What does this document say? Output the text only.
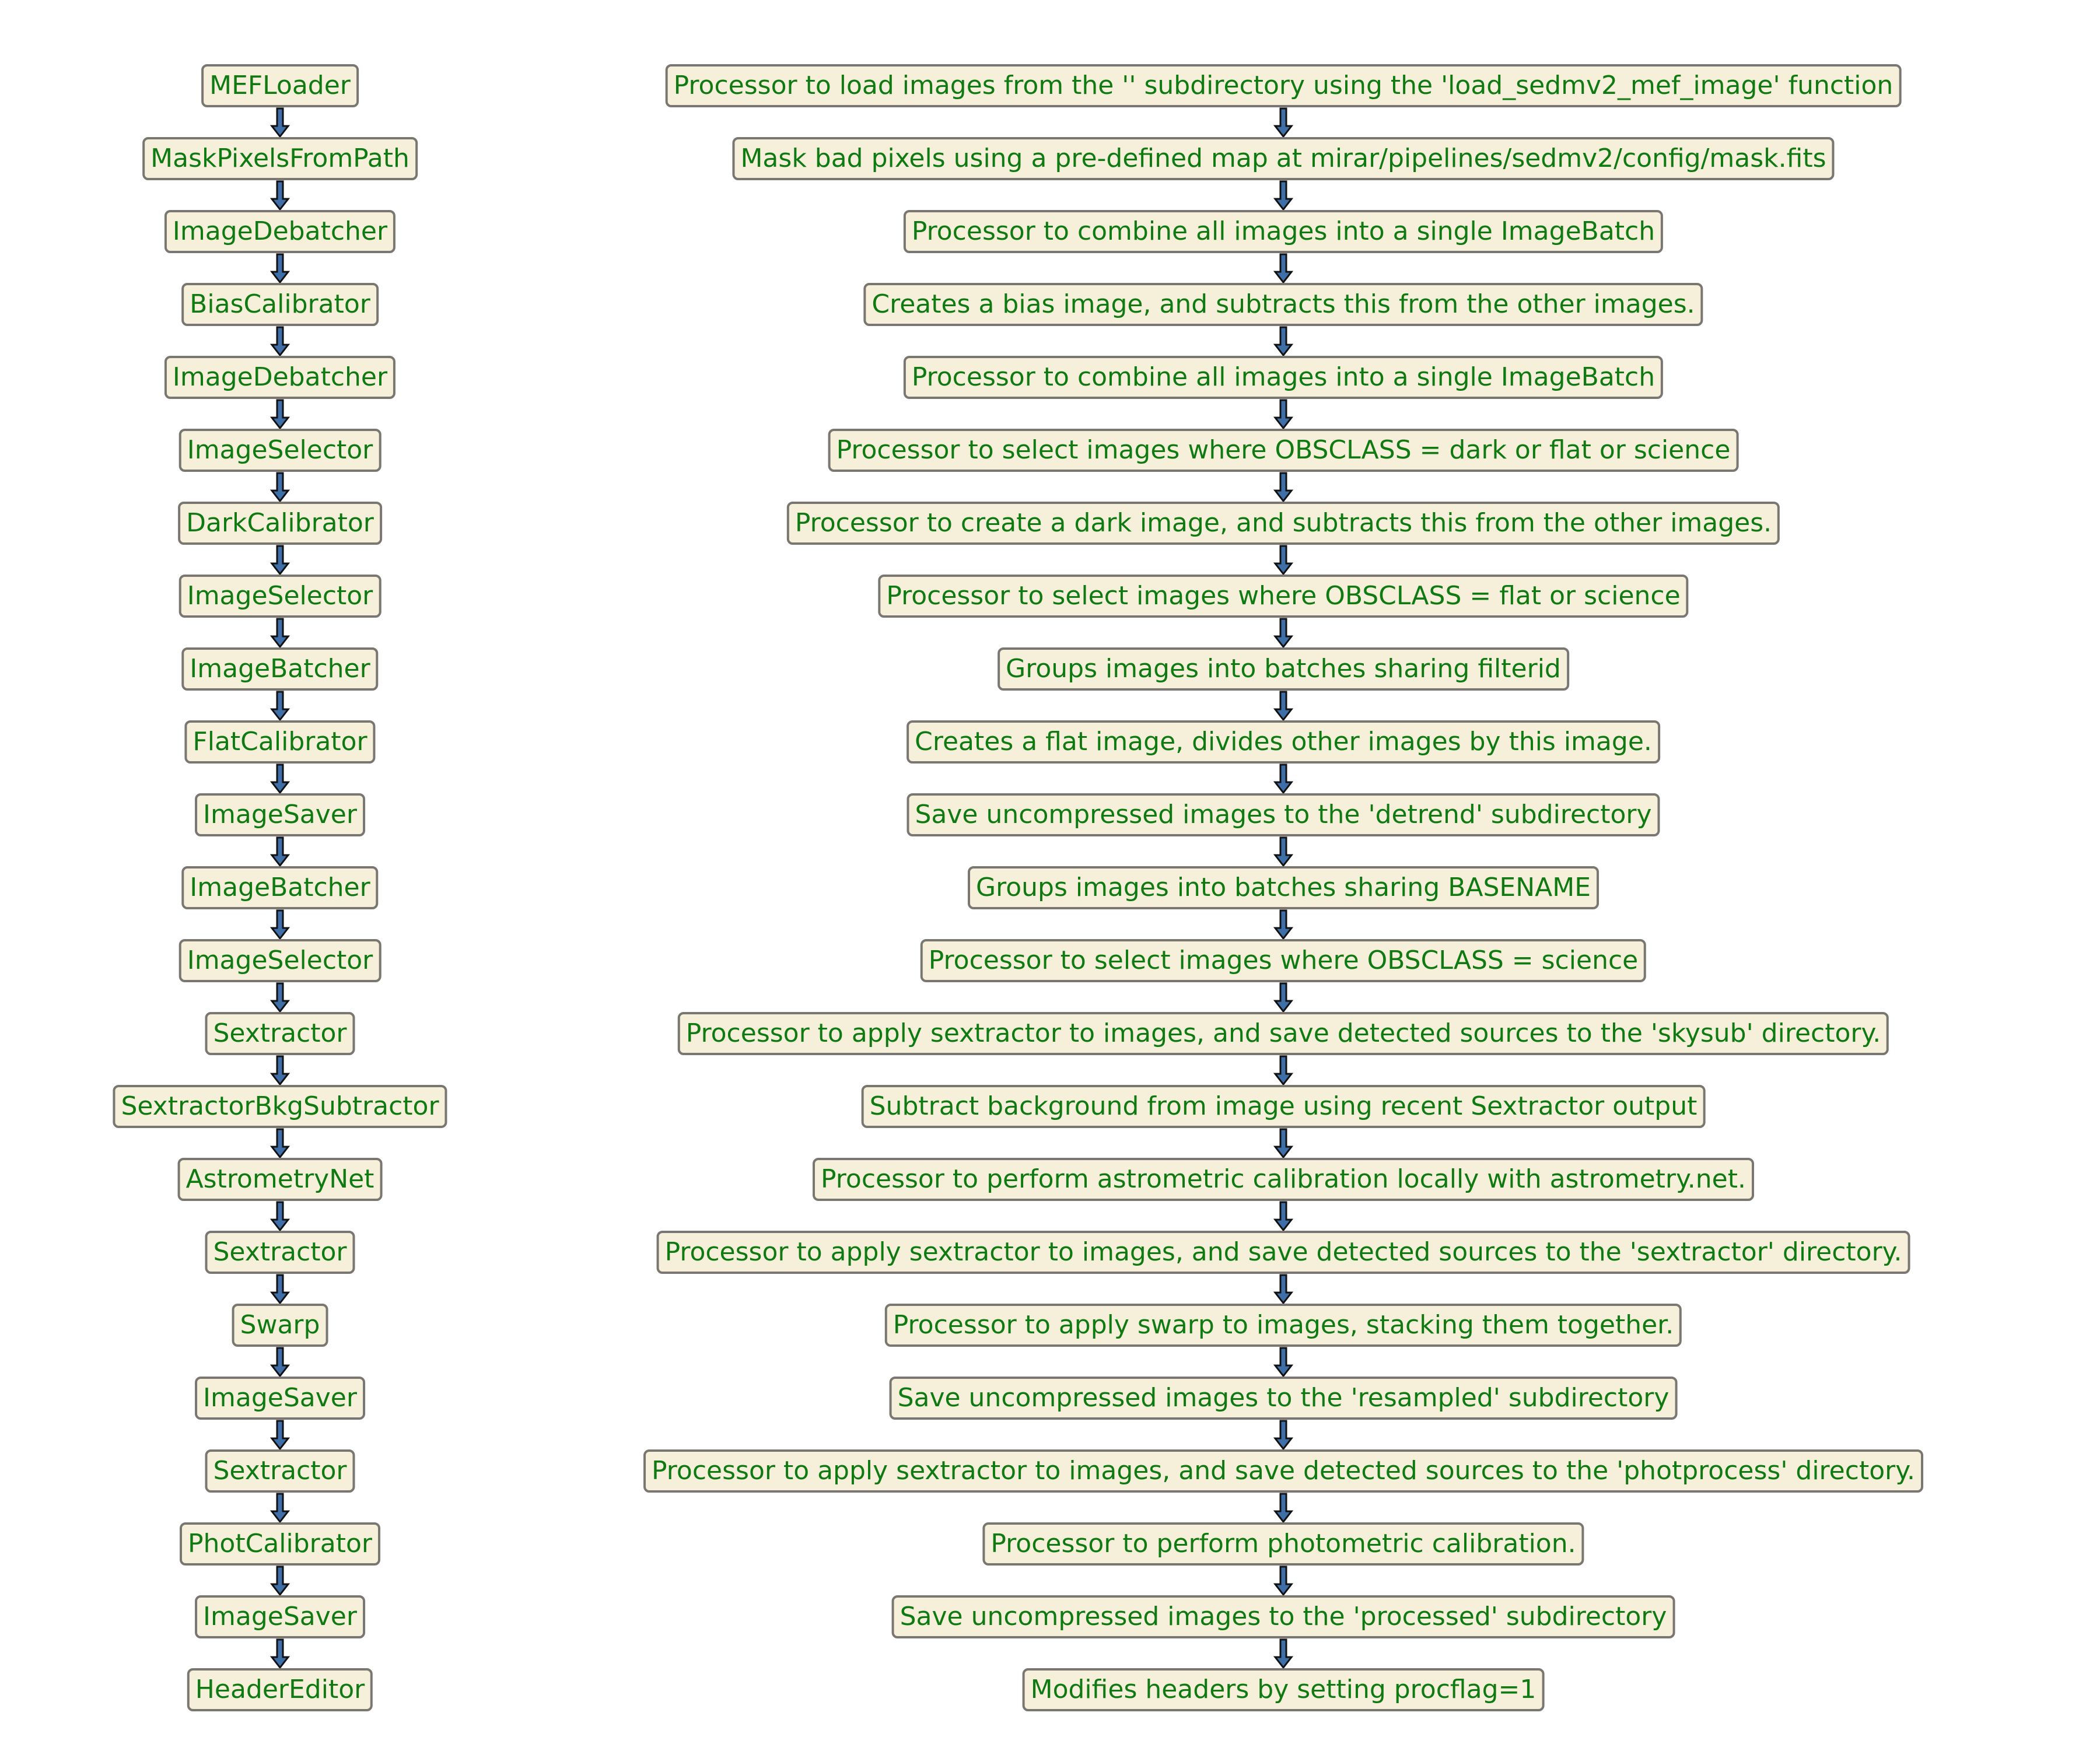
MEFLoader
MaskPixelsFromPath
ImageDebatcher
BiasCalibrator
ImageDebatcher
ImageSelector
DarkCalibrator
ImageSelector
ImageBatcher
FlatCalibrator
ImageSaver
ImageBatcher
ImageSelector
Sextractor
SextractorBkgSubtractor
AstrometryNet
Sextractor
Swarp
ImageSaver
Sextractor
PhotCalibrator
ImageSaver
HeaderEditor
Processor to load images from the '' subdirectory using the 'load_sedmv2_mef_image' function
Mask bad pixels using a pre-defined map at mirar/pipelines/sedmv2/config/mask.fits
Processor to combine all images into a single ImageBatch
Creates a bias image, and subtracts this from the other images.
Processor to combine all images into a single ImageBatch
Processor to select images where OBSCLASS = dark or flat or science
Processor to create a dark image, and subtracts this from the other images.
Processor to select images where OBSCLASS = flat or science
Groups images into batches sharing filterid
Creates a flat image, divides other images by this image.
Save uncompressed images to the 'detrend' subdirectory
Groups images into batches sharing BASENAME
Processor to select images where OBSCLASS = science
Processor to apply sextractor to images, and save detected sources to the 'skysub' directory.
Subtract background from image using recent Sextractor output
Processor to perform astrometric calibration locally with astrometry.net.
Processor to apply sextractor to images, and save detected sources to the 'sextractor' directory.
Processor to apply swarp to images, stacking them together.
Save uncompressed images to the 'resampled' subdirectory
Processor to apply sextractor to images, and save detected sources to the 'photprocess' directory.
Processor to perform photometric calibration.
Save uncompressed images to the 'processed' subdirectory
Modifies headers by setting procflag=1
